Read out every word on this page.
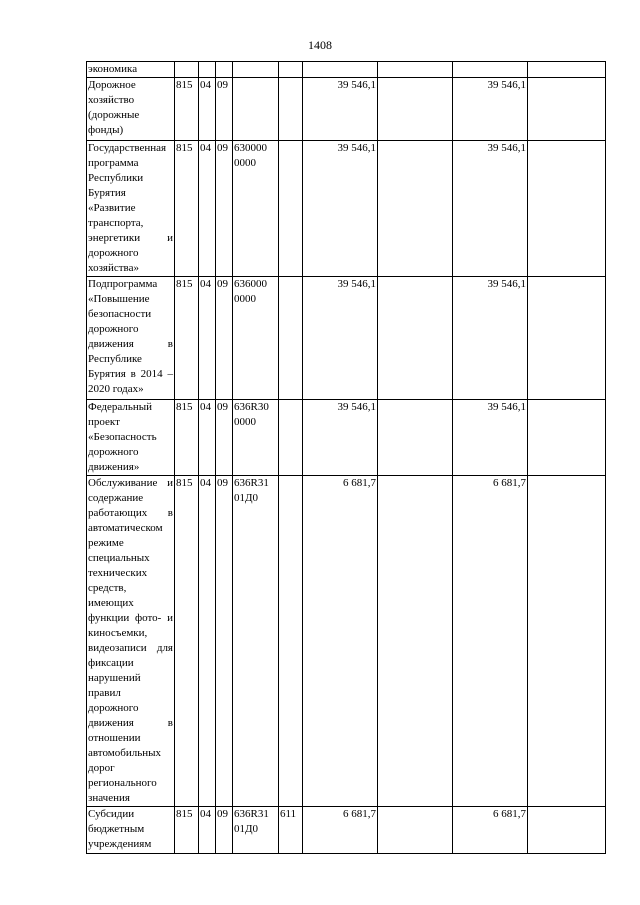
1408
экономика									
Дорожное хозяйство (дорожные фонды)	815	04	09			39 546,1		39 546,1	
Государственная программа Республики Бурятия «Развитие транспорта, энергетики и дорожного хозяйства»	815	04	09	630000 0000		39 546,1		39 546,1	
Подпрограмма «Повышение безопасности дорожного движения в Республике Бурятия в 2014 – 2020 годах»	815	04	09	636000 0000		39 546,1		39 546,1	
Федеральный проект «Безопасность дорожного движения»	815	04	09	636R30 0000		39 546,1		39 546,1	
Обслуживание и содержание работающих в автоматическом режиме специальных технических средств, имеющих функции фото- и киносъемки, видеозаписи для фиксации нарушений правил дорожного движения в отношении автомобильных дорог регионального значения	815	04	09	636R31 01Д0		6 681,7		6 681,7	
Субсидии бюджетным учреждениям	815	04	09	636R31 01Д0	611	6 681,7		6 681,7	
